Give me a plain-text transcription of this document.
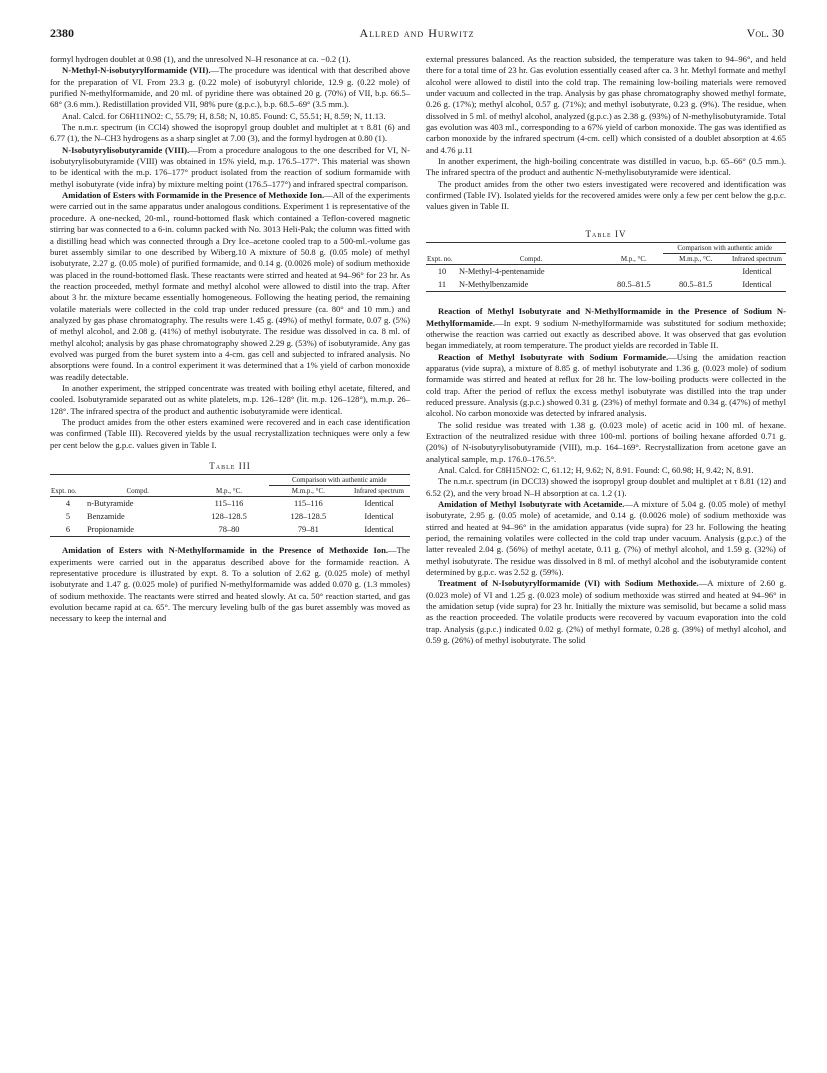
2380	Allred and Hurwitz	Vol. 30

formyl hydrogen doublet at 0.98 (1), and the unresolved N–H resonance at ca. −0.2 (1).

N-Methyl-N-isobutyrylformamide (VII).—The procedure was identical with that described above for the preparation of VI. From 23.3 g. (0.22 mole) of isobutyryl chloride, 12.9 g. (0.22 mole) of purified N-methylformamide, and 20 ml. of pyridine there was obtained 20 g. (70%) of VII, b.p. 66.5–68° (3.6 mm.). Redistillation provided VII, 98% pure (g.p.c.), b.p. 68.5–69° (3.5 mm.).

Anal. Calcd. for C6H11NO2: C, 55.79; H, 8.58; N, 10.85. Found: C, 55.51; H, 8.59; N, 11.13.

The n.m.r. spectrum (in CCl4) showed the isopropyl group doublet and multiplet at τ 8.81 (6) and 6.77 (1), the N–CH3 hydrogens as a sharp singlet at 7.00 (3), and the formyl hydrogen at 0.80 (1).

N-Isobutyrylisobutyramide (VIII).—From a procedure analogous to the one described for VI, N-isobutyrylisobutyramide (VIII) was obtained in 15% yield, m.p. 176.5–177°. This material was shown to be identical with the m.p. 176–177° product isolated from the reaction of sodium formamide with methyl isobutyrate (vide infra) by mixture melting point (176.5–177°) and infrared spectral comparison.

Amidation of Esters with Formamide in the Presence of Methoxide Ion.—All of the experiments were carried out in the same apparatus under analogous conditions. Experiment 1 is representative of the procedure. A one-necked, 20-ml., round-bottomed flask which contained a Teflon-covered magnetic stirring bar was connected to a 6-in. column packed with No. 3013 Heli-Pak; the column was fitted with a distilling head which was connected through a Dry Ice–acetone cooled trap to a 500-ml.-volume gas buret assembly similar to one described by Wiberg.10 A mixture of 50.8 g. (0.05 mole) of methyl isobutyrate, 2.27 g. (0.05 mole) of purified formamide, and 0.14 g. (0.0026 mole) of sodium methoxide was placed in the round-bottomed flask. These reactants were stirred and heated at 94–96° for 23 hr. As the reaction proceeded, methyl formate and methyl alcohol were allowed to distil into the trap. After about 3 hr. the mixture became essentially homogeneous. Following the heating period, the remaining volatile materials were collected in the cold trap under reduced pressure (ca. 80° and 10 mm.) and analyzed by gas phase chromatography. The results were 1.45 g. (49%) of methyl formate, 0.07 g. (5%) of methyl alcohol, and 2.08 g. (41%) of methyl isobutyrate. The residue was dissolved in ca. 8 ml. of methyl alcohol; analysis by gas phase chromatography showed 2.29 g. (53%) of isobutyramide. Any gas evolved was purged from the buret system into a 4-cm. gas cell and subjected to infrared analysis. No absorptions were found. In a control experiment it was determined that a 1% yield of carbon monoxide was readily detectable.

In another experiment, the stripped concentrate was treated with boiling ethyl acetate, filtered, and cooled. Isobutyramide separated out as white platelets, m.p. 126–128° (lit. m.p. 126–128°), m.m.p. 26–128°. The infrared spectra of the product and authentic isobutyramide were identical.

The product amides from the other esters examined were recovered and in each case identification was confirmed (Table III). Recovered yields by the usual recrystallization techniques were only a few per cent below the g.p.c. values given in Table I.

Table III
			Comparison with authentic amide	
Expt. no.	Compd.	M.p., °C.	M.m.p., °C.	Infrared spectrum
4	n-Butyramide	115–116	115–116	Identical
5	Benzamide	128–128.5	128–128.5	Identical
6	Propionamide	78–80	79–81	Identical

Amidation of Esters with N-Methylformamide in the Presence of Methoxide Ion.—The experiments were carried out in the apparatus described above for the formamide reaction. A representative procedure is illustrated by expt. 8. To a solution of 2.62 g. (0.025 mole) of methyl isobutyrate and 1.47 g. (0.025 mole) of purified N-methylformamide was added 0.070 g. (1.3 mmoles) of sodium methoxide. The reactants were stirred and heated slowly. At ca. 50° reaction started, and gas evolution became rapid at ca. 65°. The mercury leveling bulb of the gas buret assembly was moved as necessary to keep the internal and

external pressures balanced. As the reaction subsided, the temperature was taken to 94–96°, and held there for a total time of 23 hr. Gas evolution essentially ceased after ca. 3 hr. Methyl formate and methyl alcohol were allowed to distil into the cold trap. The remaining low-boiling materials were removed under vacuum and collected in the trap. Analysis by gas phase chromatography showed methyl formate, 0.26 g. (17%); methyl alcohol, 0.57 g. (71%); and methyl isobutyrate, 0.23 g. (9%). The residue, when dissolved in 5 ml. of methyl alcohol, analyzed (g.p.c.) as 2.38 g. (93%) of N-methylisobutyramide. Total gas evolution was 403 ml., corresponding to a 67% yield of carbon monoxide. The gas was identified as carbon monoxide by the infrared spectrum (4-cm. cell) which consisted of a doublet absorption at 4.65 and 4.76 μ.11

In another experiment, the high-boiling concentrate was distilled in vacuo, b.p. 65–66° (0.5 mm.). The infrared spectra of the product and authentic N-methylisobutyramide were identical.

The product amides from the other two esters investigated were recovered and identification was confirmed (Table IV). Isolated yields for the recovered amides were only a few per cent below the g.p.c. values given in Table II.

Table IV
			Comparison with authentic amide	
Expt. no.	Compd.	M.p., °C.	M.m.p., °C.	Infrared spectrum
10	N-Methyl-4-pentenamide			Identical
11	N-Methylbenzamide	80.5–81.5	80.5–81.5	Identical

Reaction of Methyl Isobutyrate and N-Methylformamide in the Presence of Sodium N-Methylformamide.—In expt. 9 sodium N-methylformamide was substituted for sodium methoxide; otherwise the reaction was carried out exactly as described above. It was observed that gas evolution began immediately, at room temperature. The product yields are recorded in Table II.

Reaction of Methyl Isobutyrate with Sodium Formamide.—Using the amidation reaction apparatus (vide supra), a mixture of 8.85 g. of methyl isobutyrate and 1.36 g. (0.023 mole) of sodium formamide was stirred and heated at reflux for 28 hr. The low-boiling products were collected in the cold trap. After the period of reflux the excess methyl isobutyrate was distilled into the trap under reduced pressure. Analysis (g.p.c.) showed 0.31 g. (23%) of methyl formate and 0.34 g. (47%) of methyl alcohol. No carbon monoxide was detected by infrared analysis.

The solid residue was treated with 1.38 g. (0.023 mole) of acetic acid in 100 ml. of hexane. Extraction of the neutralized residue with three 100-ml. portions of boiling hexane afforded 0.71 g. (20%) of N-isobutyrylisobutyramide (VIII), m.p. 164–169°. Recrystallization from acetone gave an analytical sample, m.p. 176.0–176.5°.

Anal. Calcd. for C8H15NO2: C, 61.12; H, 9.62; N, 8.91. Found: C, 60.98; H, 9.42; N, 8.91.

The n.m.r. spectrum (in DCCl3) showed the isopropyl group doublet and multiplet at τ 8.81 (12) and 6.52 (2), and the very broad N–H absorption at ca. 1.2 (1).

Amidation of Methyl Isobutyrate with Acetamide.—A mixture of 5.04 g. (0.05 mole) of methyl isobutyrate, 2.95 g. (0.05 mole) of acetamide, and 0.14 g. (0.0026 mole) of sodium methoxide was stirred and heated at 94–96° in the amidation apparatus (vide supra) for 23 hr. Following the heating period, the remaining volatiles were collected in the cold trap under vacuum. Analysis (g.p.c.) of the latter revealed 2.04 g. (56%) of methyl acetate, 0.11 g. (7%) of methyl alcohol, and 1.59 g. (32%) of methyl isobutyrate. The residue was dissolved in 8 ml. of methyl alcohol and the isobutyramide content determined by g.p.c. was 2.52 g. (59%).

Treatment of N-Isobutyrylformamide (VI) with Sodium Methoxide.—A mixture of 2.60 g. (0.023 mole) of VI and 1.25 g. (0.023 mole) of sodium methoxide was stirred and heated at 94–96° in the amidation setup (vide supra) for 23 hr. Initially the mixture was semisolid, but became a solid mass as the reaction proceeded. The volatile products were recovered by vacuum evaporation into the cold trap. Analysis (g.p.c.) indicated 0.02 g. (2%) of methyl formate, 0.28 g. (39%) of methyl alcohol, and 0.59 g. (26%) of methyl isobutyrate. The solid
